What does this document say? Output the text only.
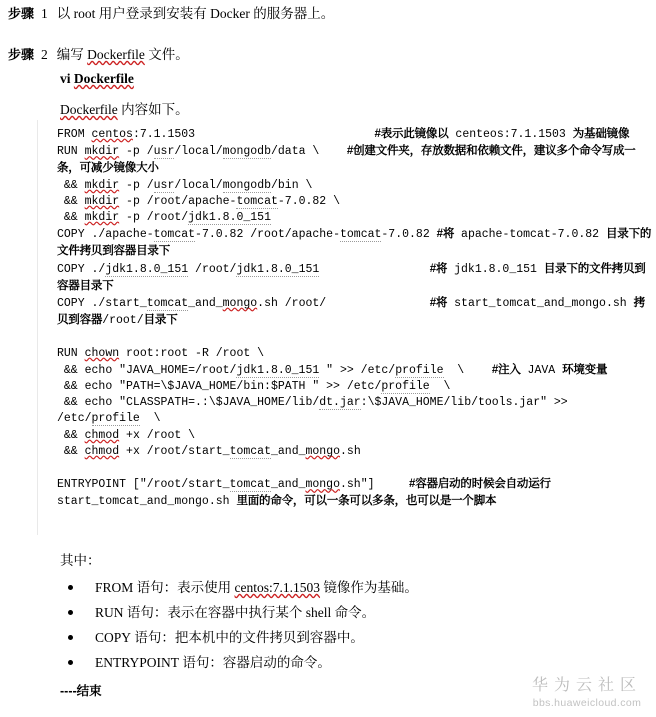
步骤 1 以 root 用户登录到安装有 Docker 的服务器上。
步骤 2 编写 Dockerfile 文件。
vi Dockerfile
Dockerfile 内容如下。
FROM centos:7.1.1503	#表示此镜像以 centeos:7.1.1503 为基础镜像
RUN mkdir -p /usr/local/mongodb/data \ #创建文件夹，存放数据和依赖文件，建议多个命令写成一条，可减少镜像大小
&& mkdir -p /usr/local/mongodb/bin \
&& mkdir -p /root/apache-tomcat-7.0.82 \
&& mkdir -p /root/jdk1.8.0_151
COPY ./apache-tomcat-7.0.82 /root/apache-tomcat-7.0.82 #将 apache-tomcat-7.0.82 目录下的文件拷贝到容器目录下
COPY ./jdk1.8.0_151 /root/jdk1.8.0_151	#将 jdk1.8.0_151 目录下的文件拷贝到容器目录下
COPY ./start_tomcat_and_mongo.sh /root/	#将 start_tomcat_and_mongo.sh 拷贝到容器/root/目录下
RUN chown root:root -R /root \
&& echo "JAVA_HOME=/root/jdk1.8.0_151 " >> /etc/profile  \ #注入 JAVA 环境变量
&& echo "PATH=\$JAVA_HOME/bin:$PATH " >> /etc/profile  \
&& echo "CLASSPATH=.:\$JAVA_HOME/lib/dt.jar:\$JAVA_HOME/lib/tools.jar" >> /etc/profile  \
&& chmod +x /root \
&& chmod +x /root/start_tomcat_and_mongo.sh
ENTRYPOINT ["/root/start_tomcat_and_mongo.sh"]	#容器启动的时候会自动运行 start_tomcat_and_mongo.sh 里面的命令，可以一条可以多条，也可以是一个脚本
其中：
FROM 语句：表示使用 centos:7.1.1503 镜像作为基础。
RUN 语句：表示在容器中执行某个 shell 命令。
COPY 语句：把本机中的文件拷贝到容器中。
ENTRYPOINT 语句：容器启动的命令。
----结束	华为云社区
bbs.huaweicloud.com
